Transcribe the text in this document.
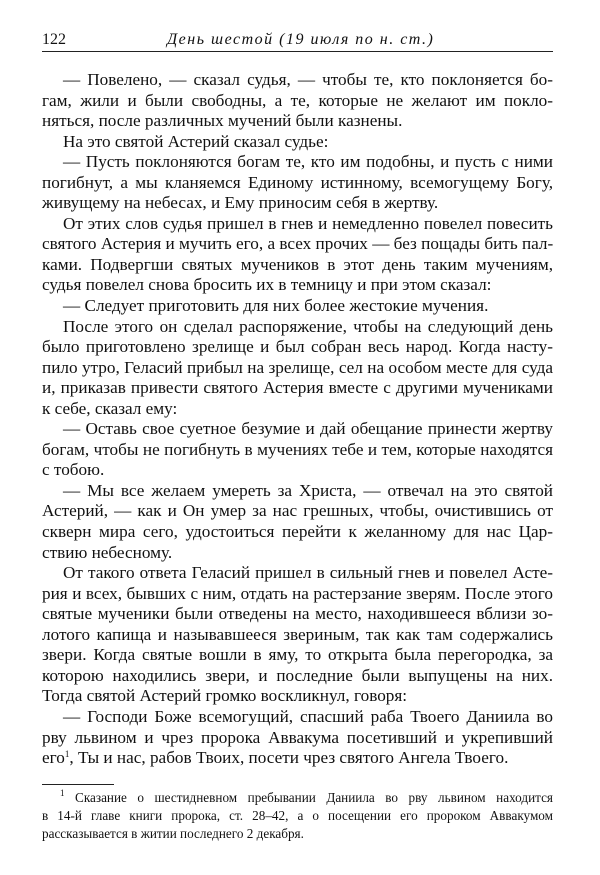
122	День шестой (19 июля по н. ст.)
— Повелено, — сказал судья, — чтобы те, кто поклоняется бо-
гам, жили и были свободны, а те, которые не желают им покло-
няться, после различных мучений были казнены.
На это святой Астерий сказал судье:
— Пусть поклоняются богам те, кто им подобны, и пусть с ними
погибнут, а мы кланяемся Единому истинному, всемогущему Богу,
живущему на небесах, и Ему приносим себя в жертву.
От этих слов судья пришел в гнев и немедленно повелел повесить
святого Астерия и мучить его, а всех прочих — без пощады бить пал-
ками. Подвергши святых мучеников в этот день таким мучениям,
судья повелел снова бросить их в темницу и при этом сказал:
— Следует приготовить для них более жестокие мучения.
После этого он сделал распоряжение, чтобы на следующий день
было приготовлено зрелище и был собран весь народ. Когда насту-
пило утро, Геласий прибыл на зрелище, сел на особом месте для суда
и, приказав привести святого Астерия вместе с другими мучениками
к себе, сказал ему:
— Оставь свое суетное безумие и дай обещание принести жертву
богам, чтобы не погибнуть в мучениях тебе и тем, которые находятся
с тобою.
— Мы все желаем умереть за Христа, — отвечал на это святой
Астерий, — как и Он умер за нас грешных, чтобы, очистившись от
скверн мира сего, удостоиться перейти к желанному для нас Цар-
ствию небесному.
От такого ответа Геласий пришел в сильный гнев и повелел Асте-
рия и всех, бывших с ним, отдать на растерзание зверям. После этого
святые мученики были отведены на место, находившееся вблизи зо-
лотого капища и называвшееся звериным, так как там содержались
звери. Когда святые вошли в яму, то открыта была перегородка, за
которою находились звери, и последние были выпущены на них.
Тогда святой Астерий громко воскликнул, говоря:
— Господи Боже всемогущий, спасший раба Твоего Даниила во
рву львином и чрез пророка Аввакума посетивший и укрепивший
его$^1$, Ты и нас, рабов Твоих, посети чрез святого Ангела Твоего.
$^1$ Сказание о шестидневном пребывании Даниила во рву львином находится
в 14-й главе книги пророка, ст. 28–42, а о посещении его пророком Аввакумом
рассказывается в житии последнего 2 декабря.
